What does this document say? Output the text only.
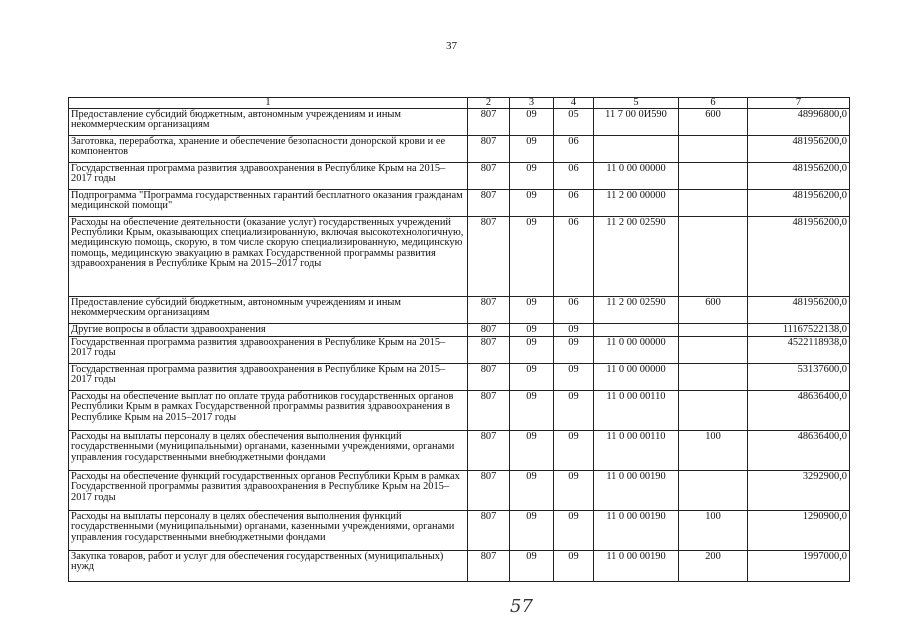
37
1	2	3	4	5	6	7
Предоставление субсидий бюджетным, автономным учреждениям и иным некоммерческим организациям	807	09	05	11 7 00 0И590	600	48996800,0
Заготовка, переработка, хранение и обеспечение безопасности донорской крови и ее компонентов	807	09	06			481956200,0
Государственная программа развития здравоохранения в Республике Крым на 2015–2017 годы	807	09	06	11 0 00 00000		481956200,0
Подпрограмма "Программа государственных гарантий бесплатного оказания гражданам медицинской помощи"	807	09	06	11 2 00 00000		481956200,0
Расходы на обеспечение деятельности (оказание услуг) государственных учреждений Республики Крым, оказывающих специализированную, включая высокотехнологичную, медицинскую помощь, скорую, в том числе скорую специализированную, медицинскую помощь, медицинскую эвакуацию в рамках Государственной программы развития здравоохранения в Республике Крым на 2015–2017 годы	807	09	06	11 2 00 02590		481956200,0
Предоставление субсидий бюджетным, автономным учреждениям и иным некоммерческим организациям	807	09	06	11 2 00 02590	600	481956200,0
Другие вопросы в области здравоохранения	807	09	09			11167522138,0
Государственная программа развития здравоохранения в Республике Крым на 2015–2017 годы	807	09	09	11 0 00 00000		4522118938,0
Государственная программа развития здравоохранения в Республике Крым на 2015–2017 годы	807	09	09	11 0 00 00000		53137600,0
Расходы на обеспечение выплат по оплате труда работников государственных органов Республики Крым в рамках Государственной программы развития здравоохранения в Республике Крым на 2015–2017 годы	807	09	09	11 0 00 00110		48636400,0
Расходы на выплаты персоналу в целях обеспечения выполнения функций государственными (муниципальными) органами, казенными учреждениями, органами управления государственными внебюджетными фондами	807	09	09	11 0 00 00110	100	48636400,0
Расходы на обеспечение функций государственных органов Республики Крым в рамках Государственной программы развития здравоохранения в Республике Крым на 2015–2017 годы	807	09	09	11 0 00 00190		3292900,0
Расходы на выплаты персоналу в целях обеспечения выполнения функций государственными (муниципальными) органами, казенными учреждениями, органами управления государственными внебюджетными фондами	807	09	09	11 0 00 00190	100	1290900,0
Закупка товаров, работ и услуг для обеспечения государственных (муниципальных) нужд	807	09	09	11 0 00 00190	200	1997000,0
57
